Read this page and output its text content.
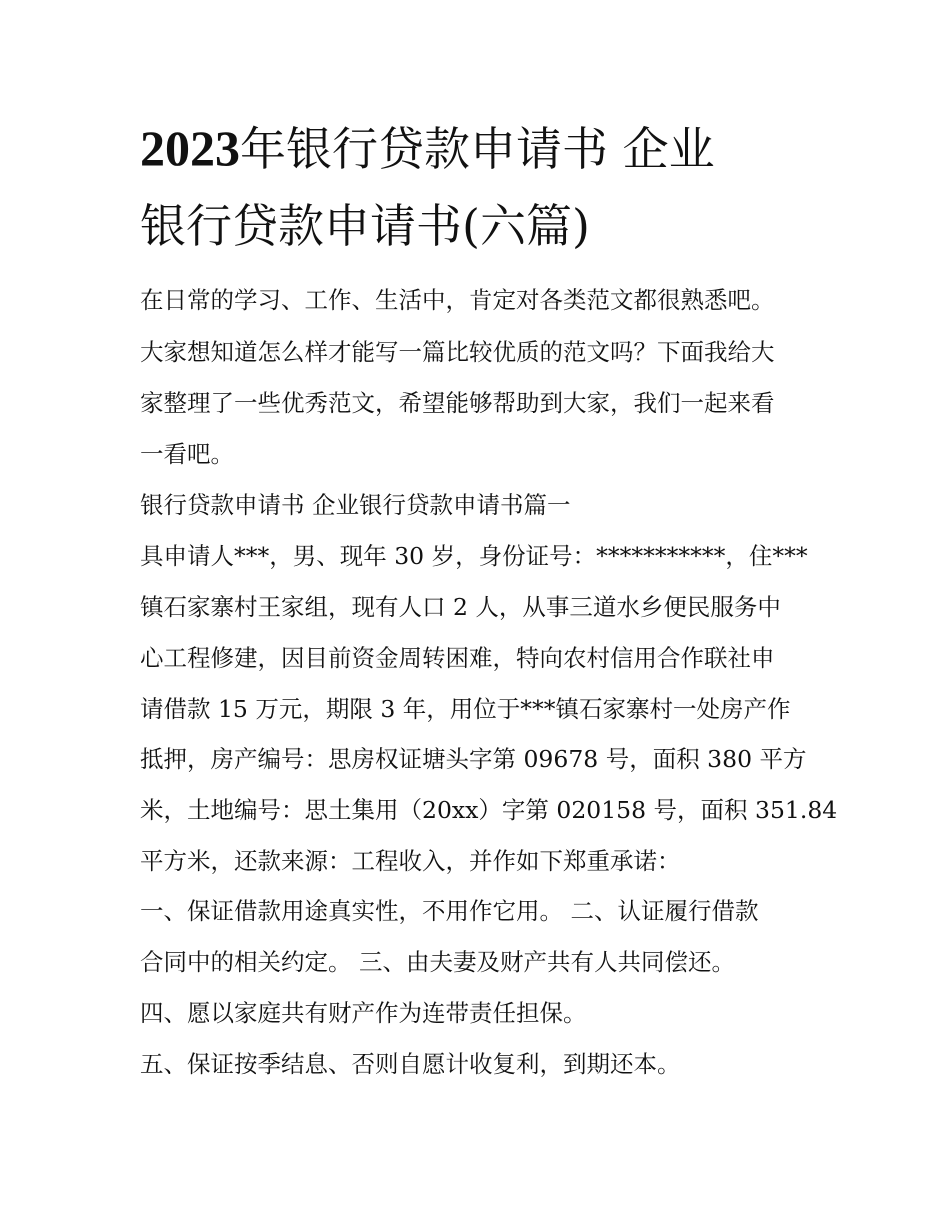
2023年银行贷款申请书 企业
银行贷款申请书(六篇)

在日常的学习、工作、生活中，肯定对各类范文都很熟悉吧。

大家想知道怎么样才能写一篇比较优质的范文吗？下面我给大

家整理了一些优秀范文，希望能够帮助到大家，我们一起来看

一看吧。

银行贷款申请书 企业银行贷款申请书篇一

具申请人***，男、现年 30 岁，身份证号：***********，住***

镇石家寨村王家组，现有人口 2 人，从事三道水乡便民服务中

心工程修建，因目前资金周转困难，特向农村信用合作联社申

请借款 15 万元，期限 3 年，用位于***镇石家寨村一处房产作

抵押，房产编号：思房权证塘头字第 09678 号，面积 380 平方

米，土地编号：思土集用（20xx）字第 020158 号，面积 351.84

平方米，还款来源：工程收入，并作如下郑重承诺：

一、保证借款用途真实性，不用作它用。 二、认证履行借款

合同中的相关约定。 三、由夫妻及财产共有人共同偿还。

四、愿以家庭共有财产作为连带责任担保。

五、保证按季结息、否则自愿计收复利，到期还本。
